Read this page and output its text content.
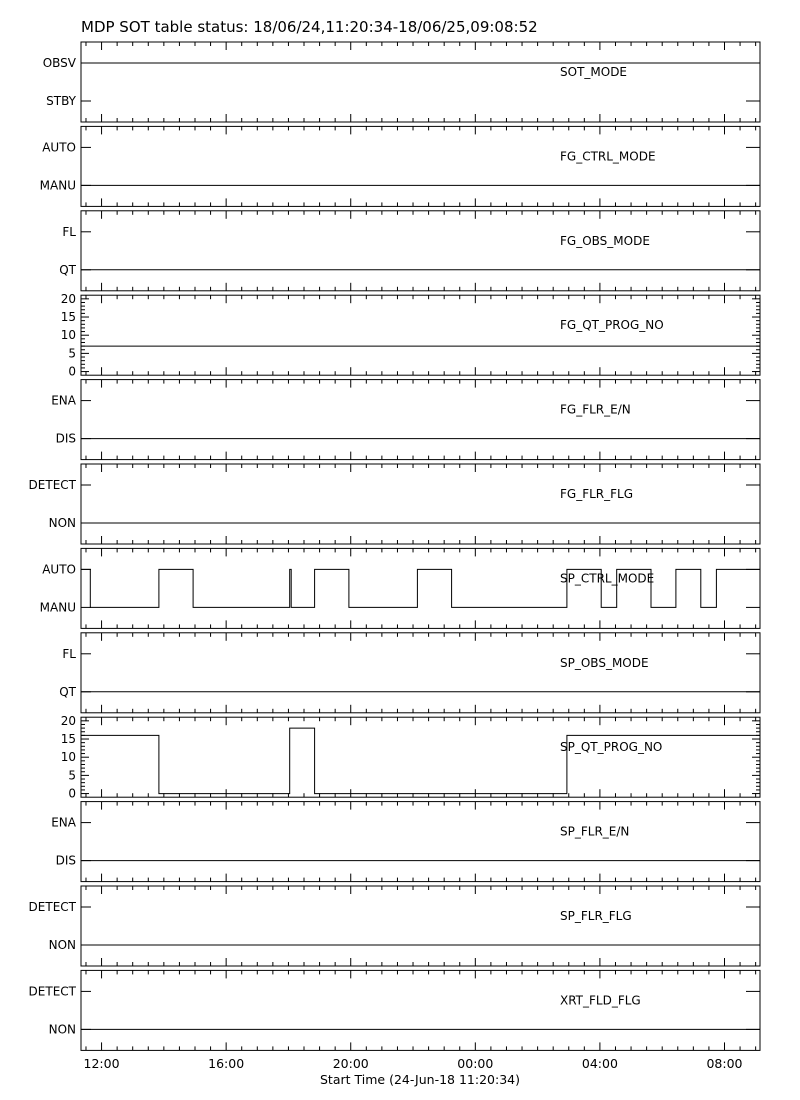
MDP SOT table status: 18/06/24,11:20:34-18/06/25,09:08:52
OBSV
STBY
SOT_MODE
AUTO
MANU
FG_CTRL_MODE
FL
QT
FG_OBS_MODE
0
5
10
15
20
FG_QT_PROG_NO
ENA
DIS
FG_FLR_E/N
DETECT
NON
FG_FLR_FLG
AUTO
MANU
SP_CTRL_MODE
FL
QT
SP_OBS_MODE
0
5
10
15
20
SP_QT_PROG_NO
ENA
DIS
SP_FLR_E/N
DETECT
NON
SP_FLR_FLG
DETECT
NON
XRT_FLD_FLG
12:00	16:00	20:00	00:00	04:00	08:00
Start Time (24-Jun-18 11:20:34)
